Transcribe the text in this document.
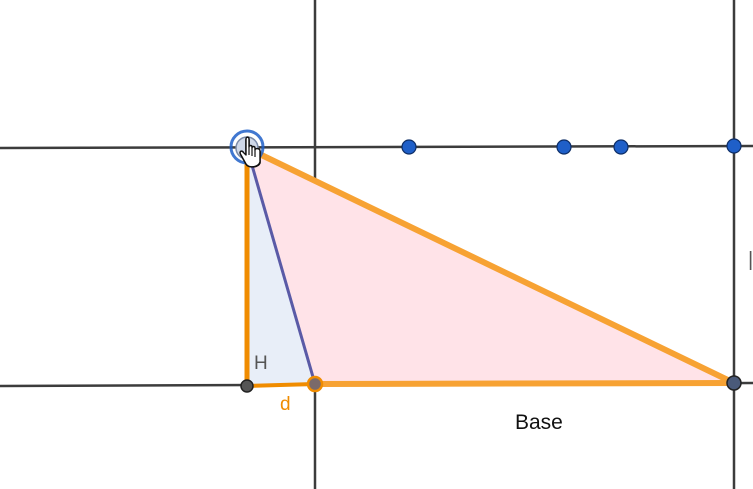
H
d
Base
|
